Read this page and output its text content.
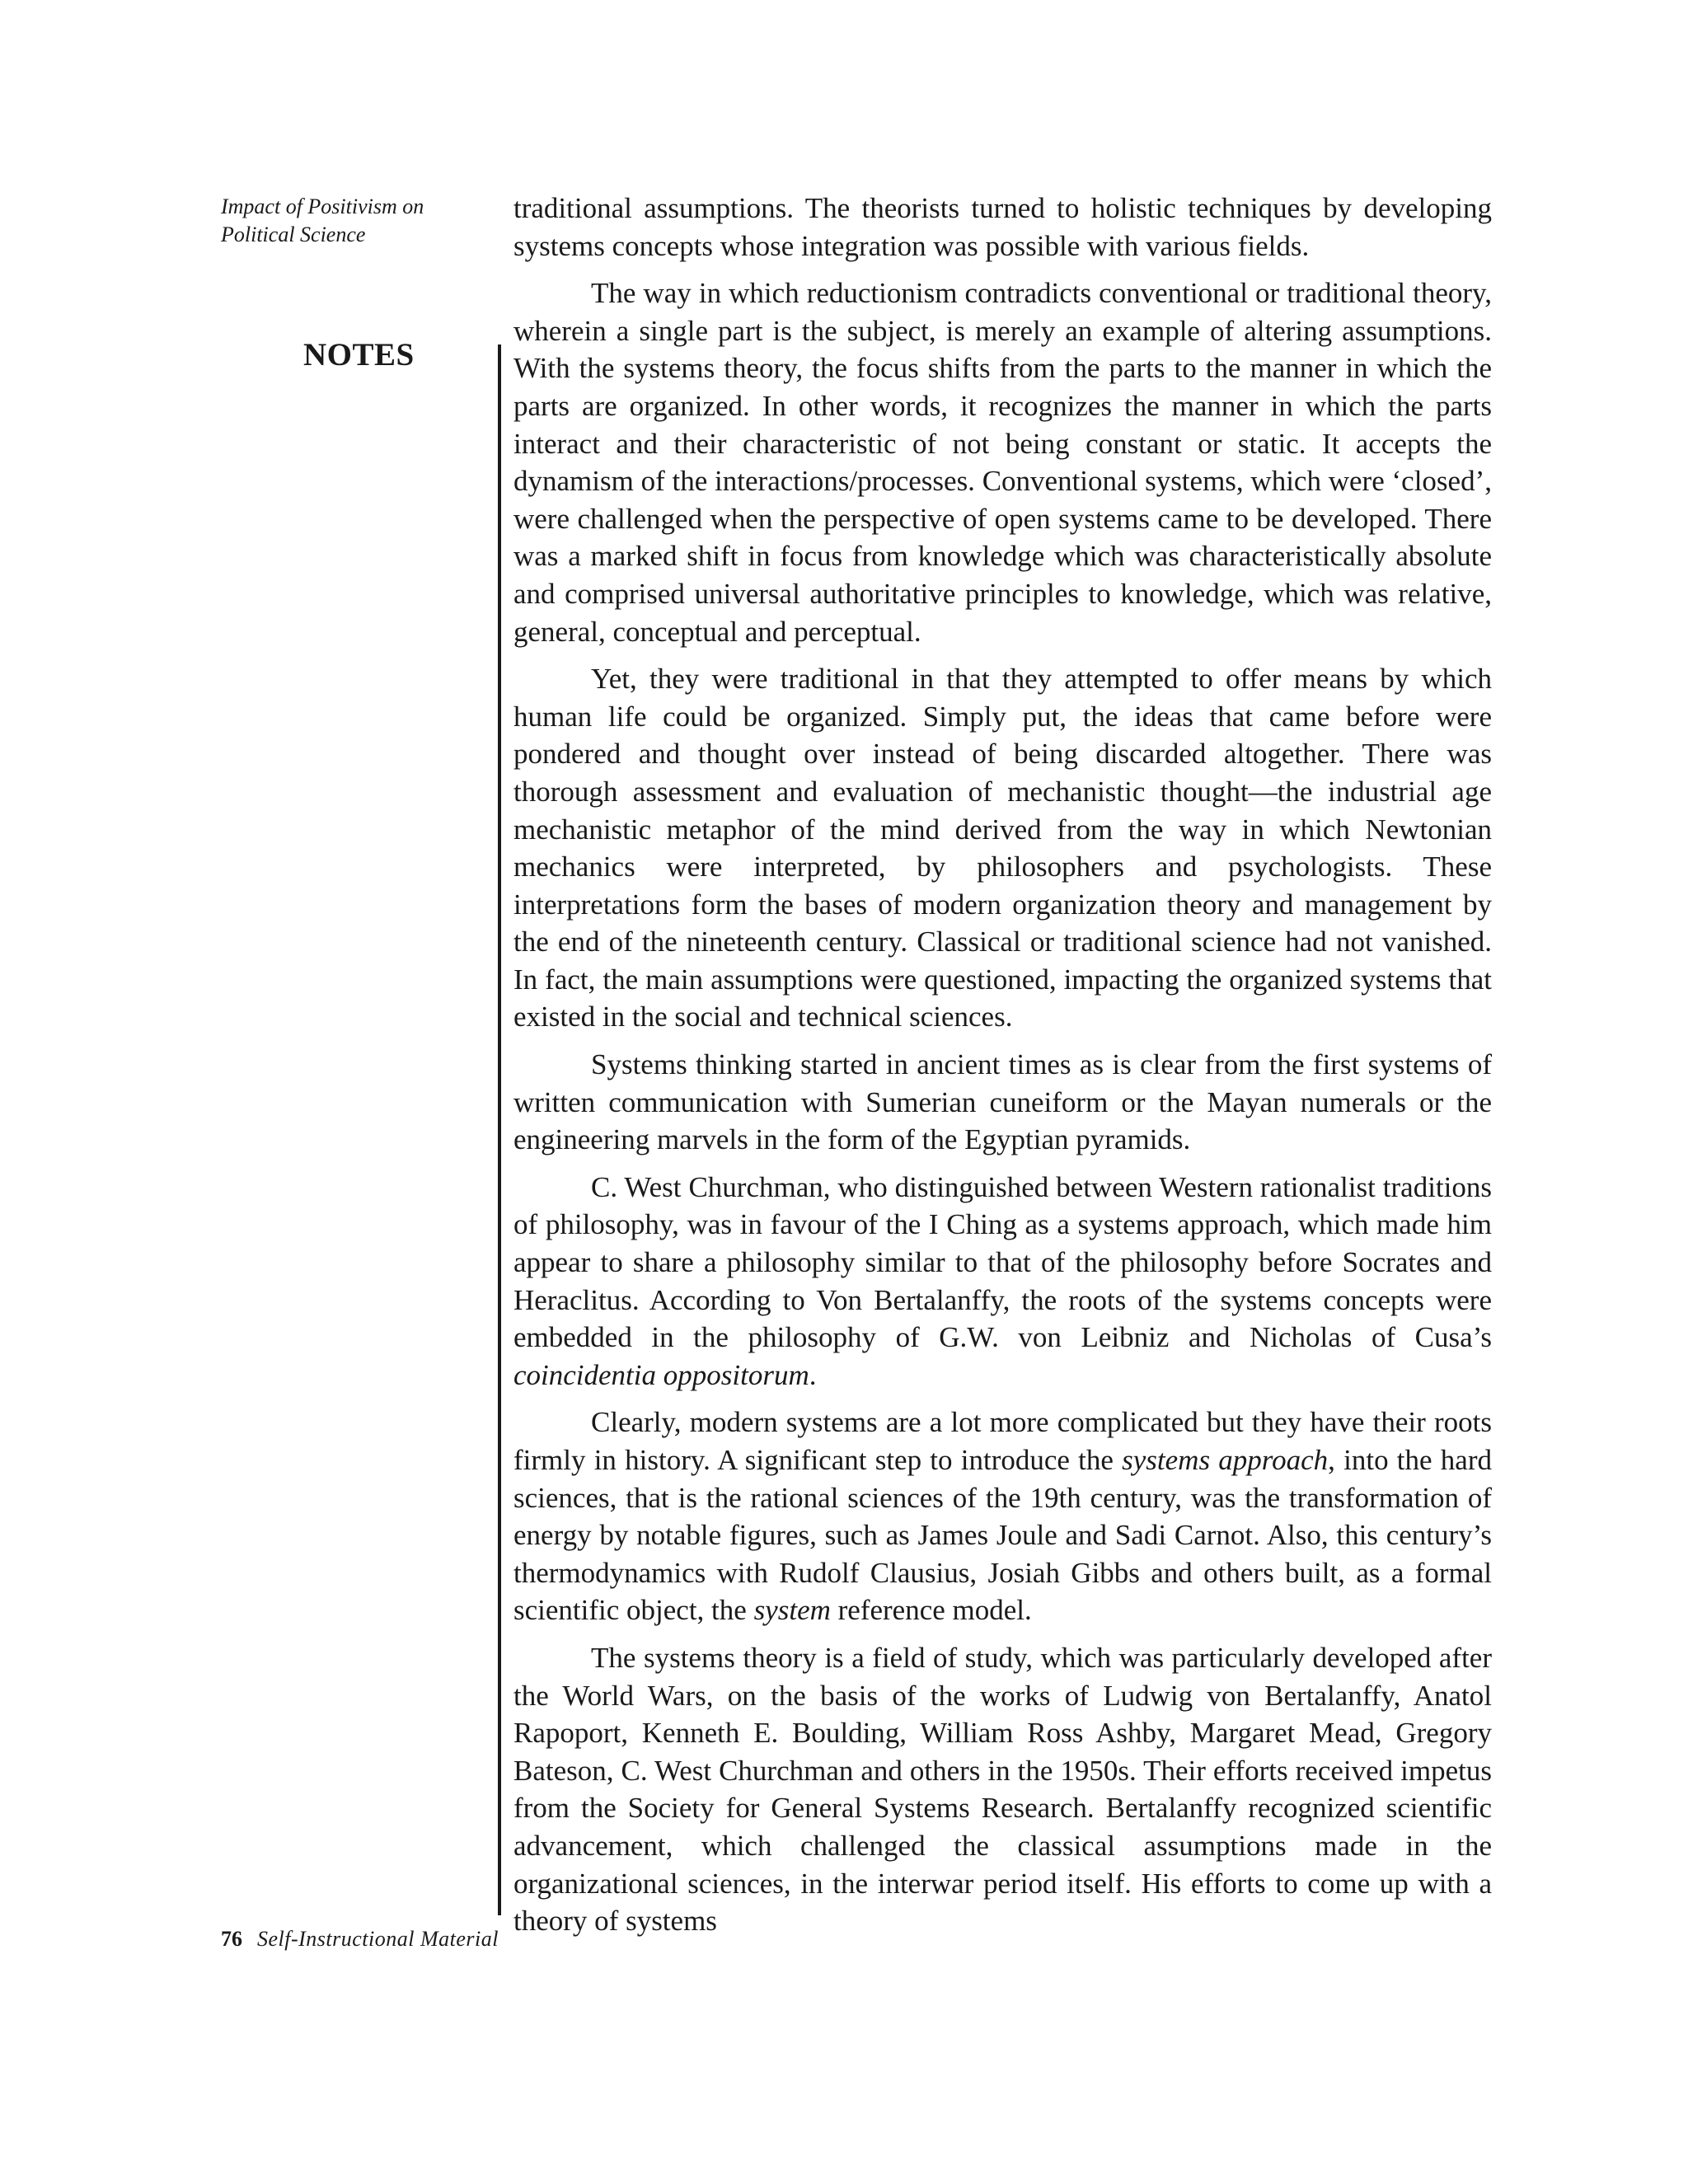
Impact of Positivism on
Political Science
NOTES

traditional assumptions. The theorists turned to holistic techniques by developing systems concepts whose integration was possible with various fields.

The way in which reductionism contradicts conventional or traditional theory, wherein a single part is the subject, is merely an example of altering assumptions. With the systems theory, the focus shifts from the parts to the manner in which the parts are organized. In other words, it recognizes the manner in which the parts interact and their characteristic of not being constant or static. It accepts the dynamism of the interactions/processes. Conventional systems, which were ‘closed’, were challenged when the perspective of open systems came to be developed. There was a marked shift in focus from knowledge which was characteristically absolute and comprised universal authoritative principles to knowledge, which was relative, general, conceptual and perceptual.

Yet, they were traditional in that they attempted to offer means by which human life could be organized. Simply put, the ideas that came before were pondered and thought over instead of being discarded altogether. There was thorough assessment and evaluation of mechanistic thought—the industrial age mechanistic metaphor of the mind derived from the way in which Newtonian mechanics were interpreted, by philosophers and psychologists. These interpretations form the bases of modern organization theory and management by the end of the nineteenth century. Classical or traditional science had not vanished. In fact, the main assumptions were questioned, impacting the organized systems that existed in the social and technical sciences.

Systems thinking started in ancient times as is clear from the first systems of written communication with Sumerian cuneiform or the Mayan numerals or the engineering marvels in the form of the Egyptian pyramids.

C. West Churchman, who distinguished between Western rationalist traditions of philosophy, was in favour of the I Ching as a systems approach, which made him appear to share a philosophy similar to that of the philosophy before Socrates and Heraclitus. According to Von Bertalanffy, the roots of the systems concepts were embedded in the philosophy of G.W. von Leibniz and Nicholas of Cusa’s coincidentia oppositorum.

Clearly, modern systems are a lot more complicated but they have their roots firmly in history. A significant step to introduce the systems approach, into the hard sciences, that is the rational sciences of the 19th century, was the transformation of energy by notable figures, such as James Joule and Sadi Carnot. Also, this century’s thermodynamics with Rudolf Clausius, Josiah Gibbs and others built, as a formal scientific object, the system reference model.

The systems theory is a field of study, which was particularly developed after the World Wars, on the basis of the works of Ludwig von Bertalanffy, Anatol Rapoport, Kenneth E. Boulding, William Ross Ashby, Margaret Mead, Gregory Bateson, C. West Churchman and others in the 1950s. Their efforts received impetus from the Society for General Systems Research. Bertalanffy recognized scientific advancement, which challenged the classical assumptions made in the organizational sciences, in the interwar period itself. His efforts to come up with a theory of systems

76 Self-Instructional Material
